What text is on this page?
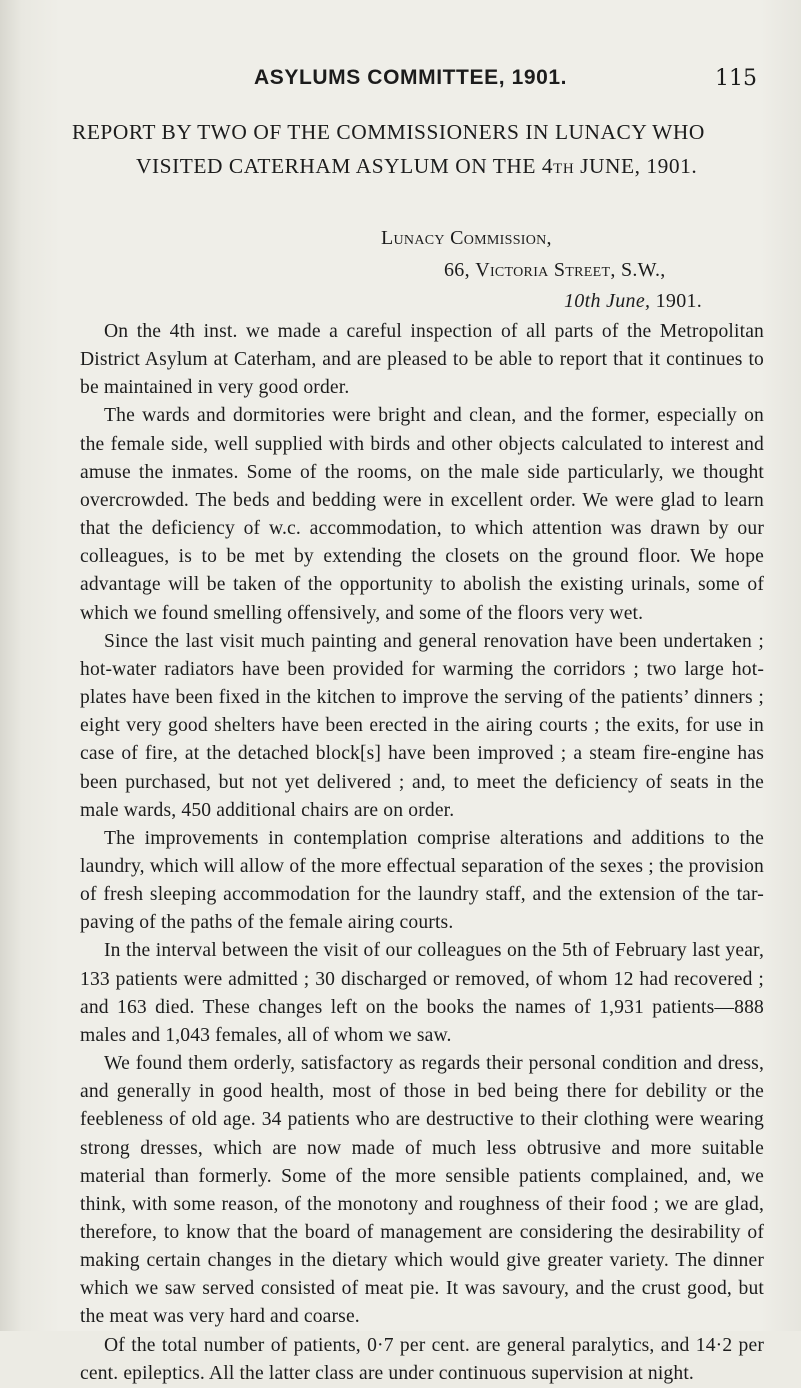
ASYLUMS COMMITTEE, 1901.	115
REPORT BY TWO OF THE COMMISSIONERS IN LUNACY WHO
VISITED CATERHAM ASYLUM ON THE 4th JUNE, 1901.
Lunacy Commission,
66, Victoria Street, S.W.,
10th June, 1901.

On the 4th inst. we made a careful inspection of all parts of the Metropolitan District Asylum at Caterham, and are pleased to be able to report that it continues to be maintained in very good order.

The wards and dormitories were bright and clean, and the former, especially on the female side, well supplied with birds and other objects calculated to interest and amuse the inmates. Some of the rooms, on the male side particularly, we thought overcrowded. The beds and bedding were in excellent order. We were glad to learn that the deficiency of w.c. accommodation, to which attention was drawn by our colleagues, is to be met by extending the closets on the ground floor. We hope advantage will be taken of the opportunity to abolish the existing urinals, some of which we found smelling offensively, and some of the floors very wet.

Since the last visit much painting and general renovation have been undertaken ; hot-water radiators have been provided for warming the corridors ; two large hot-plates have been fixed in the kitchen to improve the serving of the patients’ dinners ; eight very good shelters have been erected in the airing courts ; the exits, for use in case of fire, at the detached block[s] have been improved ; a steam fire-engine has been purchased, but not yet delivered ; and, to meet the deficiency of seats in the male wards, 450 additional chairs are on order.

The improvements in contemplation comprise alterations and additions to the laundry, which will allow of the more effectual separation of the sexes ; the provision of fresh sleeping accommodation for the laundry staff, and the extension of the tar-paving of the paths of the female airing courts.

In the interval between the visit of our colleagues on the 5th of February last year, 133 patients were admitted ; 30 discharged or removed, of whom 12 had recovered ; and 163 died. These changes left on the books the names of 1,931 patients—888 males and 1,043 females, all of whom we saw.

We found them orderly, satisfactory as regards their personal condition and dress, and generally in good health, most of those in bed being there for debility or the feebleness of old age. 34 patients who are destructive to their clothing were wearing strong dresses, which are now made of much less obtrusive and more suitable material than formerly. Some of the more sensible patients complained, and, we think, with some reason, of the monotony and roughness of their food ; we are glad, therefore, to know that the board of management are considering the desirability of making certain changes in the dietary which would give greater variety. The dinner which we saw served consisted of meat pie. It was savoury, and the crust good, but the meat was very hard and coarse.

Of the total number of patients, 0·7 per cent. are general paralytics, and 14·2 per cent. epileptics. All the latter class are under continuous supervision at night.
